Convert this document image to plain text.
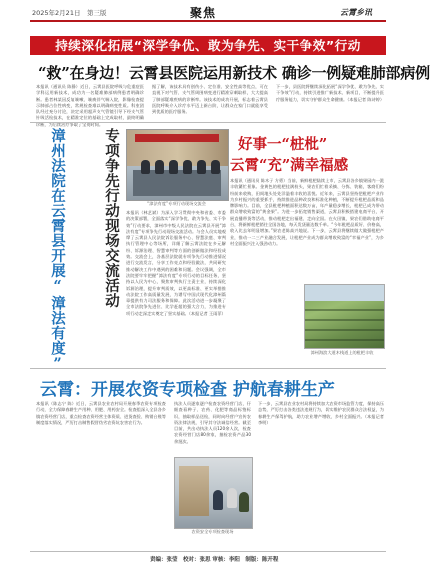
2025年2月21日　第三版	聚焦	云霄乡讯
持续深化拓展“深学争优、敢为争先、实干争效”行动
“救”在身边！云霄县医院运用新技术 确诊一例疑难肺部病例
本报讯（通讯员 陈静）近日，云霄县医院呼吸与危重症医学科运用新技术，成功为一名疑难肺部病例患者明确诊断。患者林某因反复咳嗽、咳痰伴气喘入院，影像检查提示肺部占位性病变，常规检查难以明确病变性质。科室团队经过充分讨论，决定采用超声支气管镜引导下经支气管针吸活检技术，在精准定位的基础上完成取材，最终明确诊断，为后续治疗争取了宝贵时间。
据了解，该技术具有创伤小、定位准、安全性高等优点，可在直视下对气管、支气管周围病变进行精准穿刺取样，大大提高了肺部疑难疾病的诊断率。该技术的成功开展，标志着云霄县医院呼吸介入诊疗水平迈上新台阶，让群众在家门口就能享受到优质的医疗服务。
下一步，县医院将继续深化拓展“深学争优、敢为争先、实干争效”行动，持续引进推广新技术、新项目，不断提升医疗服务能力，切实守护群众生命健康。（本报记者 陈诗婷）
专项争先行动现场交流活动
漳州法院在云霄县开展“漳法有度”	“漳法有度”专项行动现场交流会
本报讯（林艺斌）为深入学习贯彻中央和省委、市委的决策部署，全面落实“深学争优、敢为争先、实干争效”行动要求，漳州市中级人民法院在云霄县开展“漳法有度”专项争先行动现场交流活动。与会人员实地观摩了云霄县人民法院诉讼服务中心、智慧法庭、审判执行管理中心等场所，详细了解云霄法院在多元解纷、诉源治理、智慧审判等方面的创新做法和经验成效。交流会上，各基层法院就专项争先行动推进情况进行交流发言，分享工作亮点和经验做法，共同研究推动解决工作中遇到的困难和问题。会议强调，全市法院要牢牢把握“漳法有度”专项行动的目标任务，坚持以人民为中心，聚焦审判执行主责主业，持续深化诉源治理，提升审判质效，以更高标准、更实举措推动法院工作高质量发展，为谱写中国式现代化漳州篇章提供有力司法服务和保障。此次活动进一步凝聚了全市法院争先进位、比学赶超的强大合力，为推进专项行动走深走实奠定了坚实基础。（本报记者 王雨菲）
好事一“桩枇”
云霄“充”满幸福感
本报讯（通讯员 陈木子 方勇）当前，新鲜枇杷陆续上市，云霄县各乡镇果园内一派丰收繁忙景象。金黄色的枇杷挂满枝头，果农们忙着采摘、分拣、装箱，客商们纷纷前来收购，田间地头处处洋溢着丰收的喜悦。近年来，云霄县坚持把枇杷产业作为乡村振兴的重要抓手，持续推进品种改良和标准化种植，不断提升枇杷品质和品牌影响力。目前，全县枇杷种植面积达数万亩，年产量稳步增长，枇杷已成为带动群众增收致富的“黄金果”。为进一步拓宽销售渠道，云霄县积极搭建电商平台，开展直播带货等活动，推动枇杷走出福建、走向全国。在火田镇，果农们借助电商平台，将新鲜枇杷销往全国各地，每天发货量达数千单。“今年枇杷品质好、价格高，收入比去年明显增加。”果农老陈高兴地说。下一步，云霄县将继续做大做强枇杷产业，推动一二三产业融合发展，让枇杷产业成为群众增收致富的“幸福产业”，为乡村全面振兴注入强劲动力。
漳州海滨大道木栈道上的枇杷丰收
云霄：开展农资专项检查 护航春耕生产
本报讯（陈志宁 陈）近日，云霄县农业农村局开展春季农资专项检查行动，全力保障春耕生产用种、用肥、用药安全。检查组深入全县各乡镇农资经营门店，重点检查农资经营主体资质、进货查验、购销台账等制度落实情况，严厉打击制售假冒伪劣农资坑农害农行为。
执法人员逐家逐户检查农资经营门店，仔细查看种子、农药、化肥等商品标签标识，抽取样品送检，同时向经营户宣传农资法律法规，引导其守法诚信经营。截至目前，共出动执法人员120余人次，检查农资经营门店80余家，抽检农资产品30余批次。
农资安全专项检查现场
下一步，云霄县农业农村局将持续加大农资市场监管力度，保持高压态势，严厉打击各类违法违规行为，切实维护农民群众合法权益，为春耕生产保驾护航，助力农业增产增收、乡村全面振兴。（本报记者 李明）
责编：张莹　校对：张思 审核：李阳　制版：陈开程
